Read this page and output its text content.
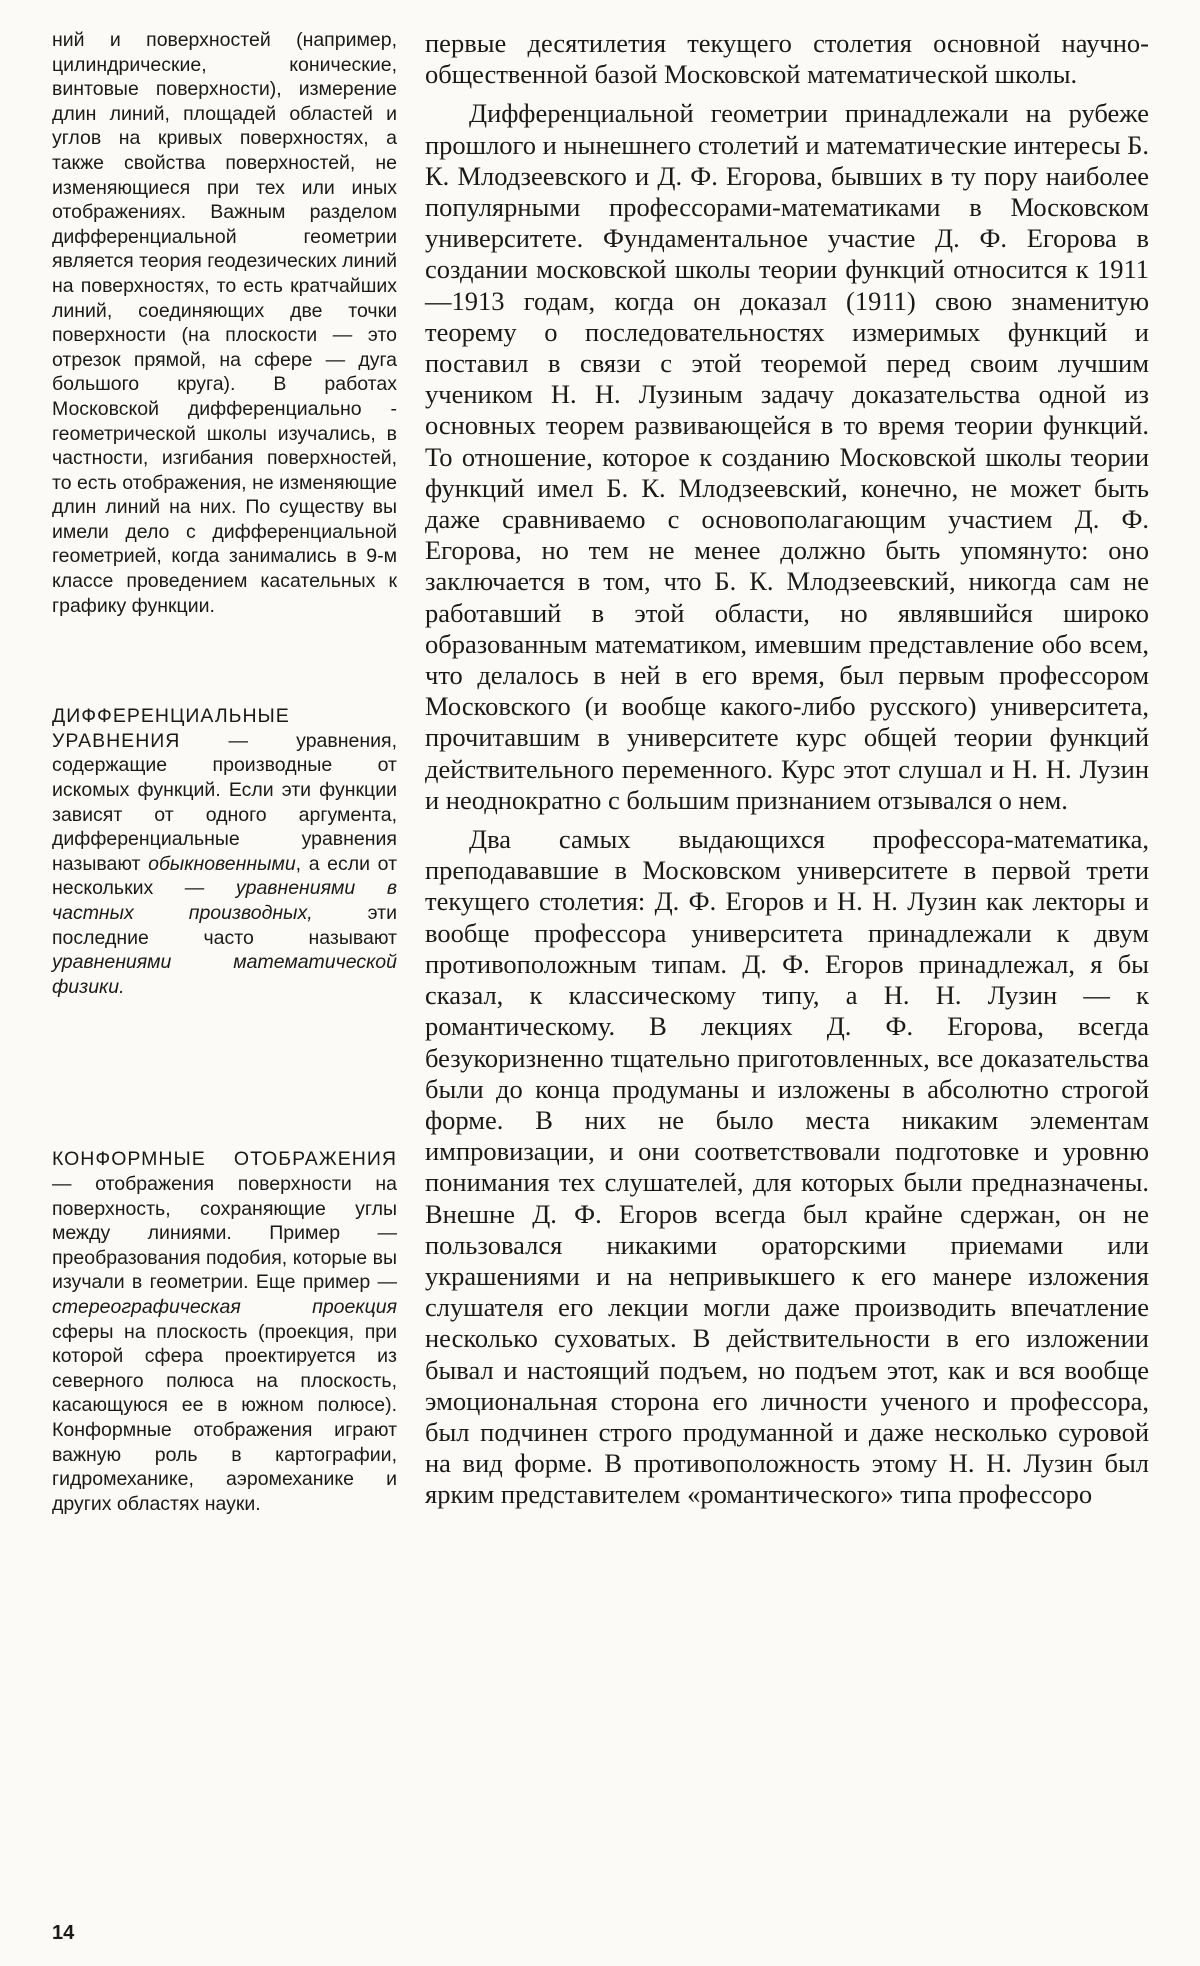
ний и поверхностей (например, цилиндрические, конические, винтовые поверхности), измерение длин линий, площадей областей и углов на кривых поверхностях, а также свойства поверхностей, не изменяющиеся при тех или иных отображениях. Важным разделом дифференциальной геометрии является теория геодезических линий на поверхностях, то есть кратчайших линий, соединяющих две точки поверхности (на плоскости — это отрезок прямой, на сфере — дуга большого круга). В работах Московской дифференциально - геометрической школы изучались, в частности, изгибания поверхностей, то есть отображения, не изменяющие длин линий на них. По существу вы имели дело с дифференциальной геометрией, когда занимались в 9-м классе проведением касательных к графику функции.

ДИФФЕРЕНЦИАЛЬНЫЕ УРАВНЕНИЯ — уравнения, содержащие производные от искомых функций. Если эти функции зависят от одного аргумента, дифференциальные уравнения называют обыкновенными, а если от нескольких — уравнениями в частных производных, эти последние часто называют уравнениями математической физики.

КОНФОРМНЫЕ ОТОБРАЖЕНИЯ — отображения поверхности на поверхность, сохраняющие углы между линиями. Пример — преобразования подобия, которые вы изучали в геометрии. Еще пример — стереографическая проекция сферы на плоскость (проекция, при которой сфера проектируется из северного полюса на плоскость, касающуюся ее в южном полюсе). Конформные отображения играют важную роль в картографии, гидромеханике, аэромеханике и других областях науки.

первые десятилетия текущего столетия основной научно-общественной базой Московской математической школы.

Дифференциальной геометрии принадлежали на рубеже прошлого и нынешнего столетий и математические интересы Б. К. Млодзеевского и Д. Ф. Егорова, бывших в ту пору наиболее популярными профессорами-математиками в Московском университете. Фундаментальное участие Д. Ф. Егорова в создании московской школы теории функций относится к 1911—1913 годам, когда он доказал (1911) свою знаменитую теорему о последовательностях измеримых функций и поставил в связи с этой теоремой перед своим лучшим учеником Н. Н. Лузиным задачу доказательства одной из основных теорем развивающейся в то время теории функций. То отношение, которое к созданию Московской школы теории функций имел Б. К. Млодзеевский, конечно, не может быть даже сравниваемо с основополагающим участием Д. Ф. Егорова, но тем не менее должно быть упомянуто: оно заключается в том, что Б. К. Млодзеевский, никогда сам не работавший в этой области, но являвшийся широко образованным математиком, имевшим представление обо всем, что делалось в ней в его время, был первым профессором Московского (и вообще какого-либо русского) университета, прочитавшим в университете курс общей теории функций действительного переменного. Курс этот слушал и Н. Н. Лузин и неоднократно с большим признанием отзывался о нем.

Два самых выдающихся профессора-математика, преподававшие в Московском университете в первой трети текущего столетия: Д. Ф. Егоров и Н. Н. Лузин как лекторы и вообще профессора университета принадлежали к двум противоположным типам. Д. Ф. Егоров принадлежал, я бы сказал, к классическому типу, а Н. Н. Лузин — к романтическому. В лекциях Д. Ф. Егорова, всегда безукоризненно тщательно приготовленных, все доказательства были до конца продуманы и изложены в абсолютно строгой форме. В них не было места никаким элементам импровизации, и они соответствовали подготовке и уровню понимания тех слушателей, для которых были предназначены. Внешне Д. Ф. Егоров всегда был крайне сдержан, он не пользовался никакими ораторскими приемами или украшениями и на непривыкшего к его манере изложения слушателя его лекции могли даже производить впечатление несколько суховатых. В действительности в его изложении бывал и настоящий подъем, но подъем этот, как и вся вообще эмоциональная сторона его личности ученого и профессора, был подчинен строго продуманной и даже несколько суровой на вид форме. В противоположность этому Н. Н. Лузин был ярким представителем «романтического» типа профессоро

14
